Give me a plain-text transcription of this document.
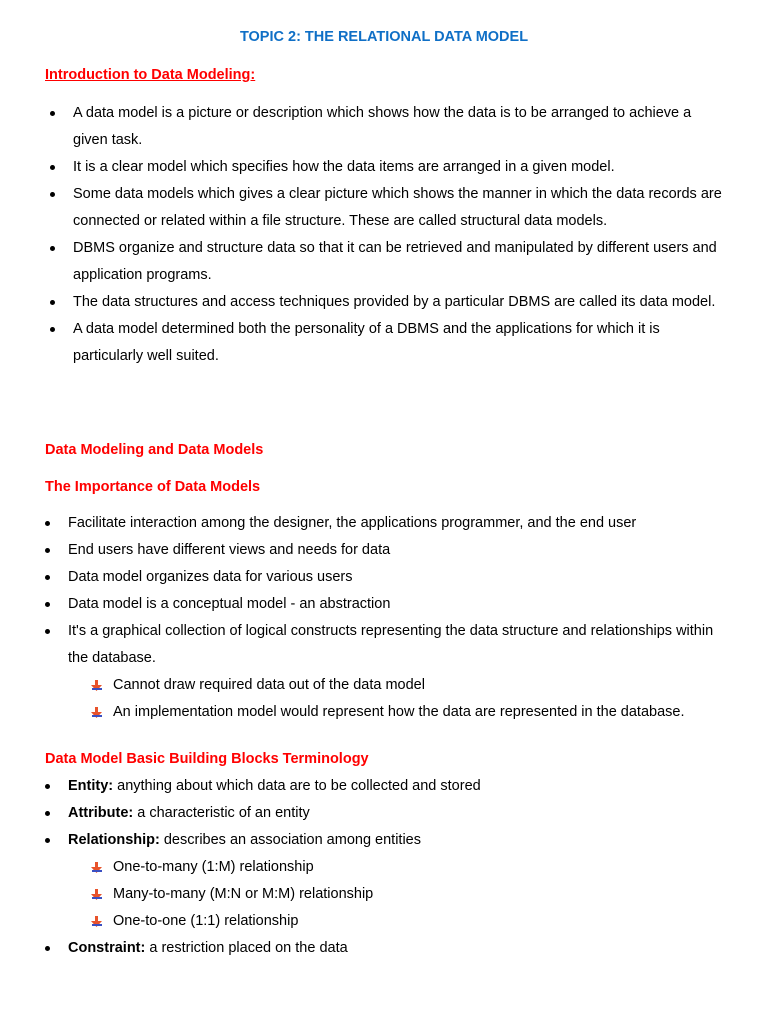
TOPIC 2: THE RELATIONAL DATA MODEL
Introduction to Data Modeling:
A data model is a picture or description which shows how the data is to be arranged to achieve a given task.
It is a clear model which specifies how the data items are arranged in a given model.
Some data models which gives a clear picture which shows the manner in which the data records are connected or related within a file structure. These are called structural data models.
DBMS organize and structure data so that it can be retrieved and manipulated by different users and application programs.
The data structures and access techniques provided by a particular DBMS are called its data model.
A data model determined both the personality of a DBMS and the applications for which it is particularly well suited.
Data Modeling and Data Models
The Importance of Data Models
Facilitate interaction among the designer, the applications programmer, and the end user
End users have different views and needs for data
Data model organizes data for various users
Data model is a conceptual model - an abstraction
It's a graphical collection of logical constructs representing the data structure and relationships within the database.
Cannot draw required data out of the data model
An implementation model would represent how the data are represented in the database.
Data Model Basic Building Blocks Terminology
Entity: anything about which data are to be collected and stored
Attribute: a characteristic of an entity
Relationship: describes an association among entities
One-to-many (1:M) relationship
Many-to-many (M:N or M:M) relationship
One-to-one (1:1) relationship
Constraint: a restriction placed on the data
